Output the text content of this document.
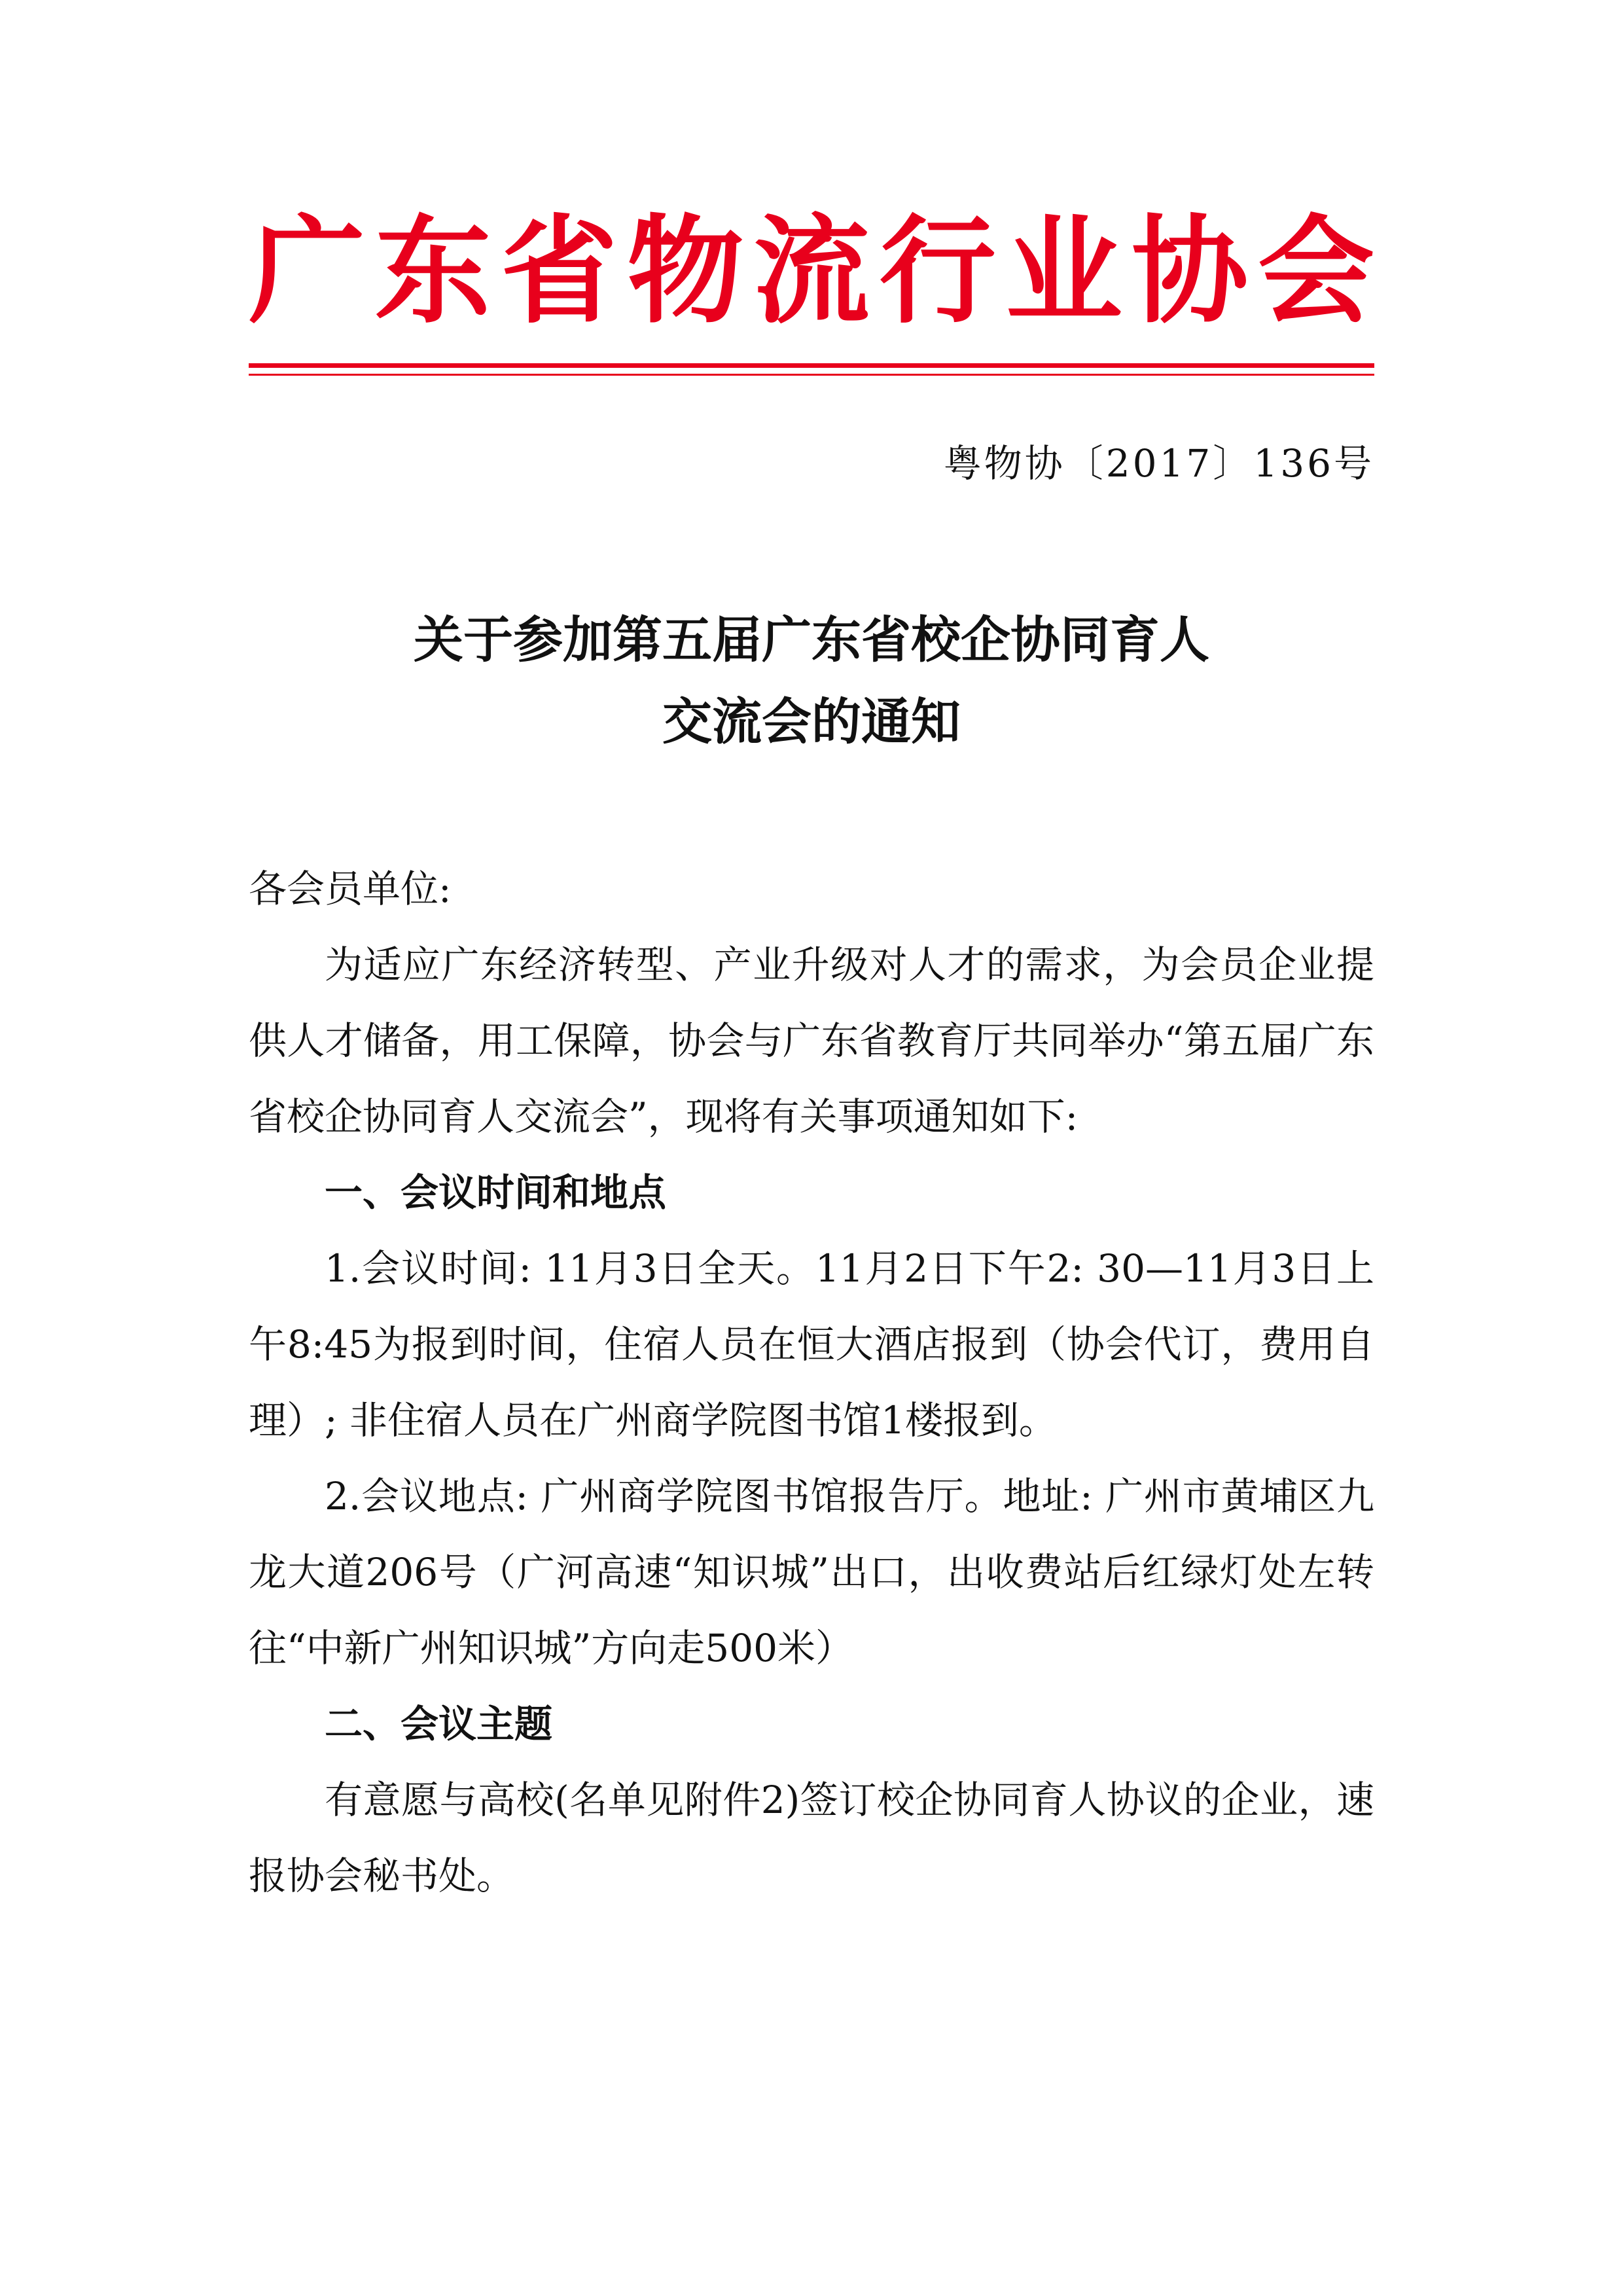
广东省物流行业协会
粤物协〔2017〕136号
关于参加第五届广东省校企协同育人
交流会的通知

各会员单位:

为适应广东经济转型、产业升级对人才的需求，为会员企业提供人才储备，用工保障，协会与广东省教育厅共同举办“第五届广东省校企协同育人交流会”，现将有关事项通知如下:

一、会议时间和地点

1.会议时间: 11月3日全天。11月2日下午2: 30—11月3日上午8:45为报到时间，住宿人员在恒大酒店报到（协会代订，费用自理）; 非住宿人员在广州商学院图书馆1楼报到。

2.会议地点: 广州商学院图书馆报告厅。地址: 广州市黄埔区九龙大道206号（广河高速“知识城”出口，出收费站后红绿灯处左转往“中新广州知识城”方向走500米）

二、会议主题

有意愿与高校(名单见附件2)签订校企协同育人协议的企业，速报协会秘书处。
